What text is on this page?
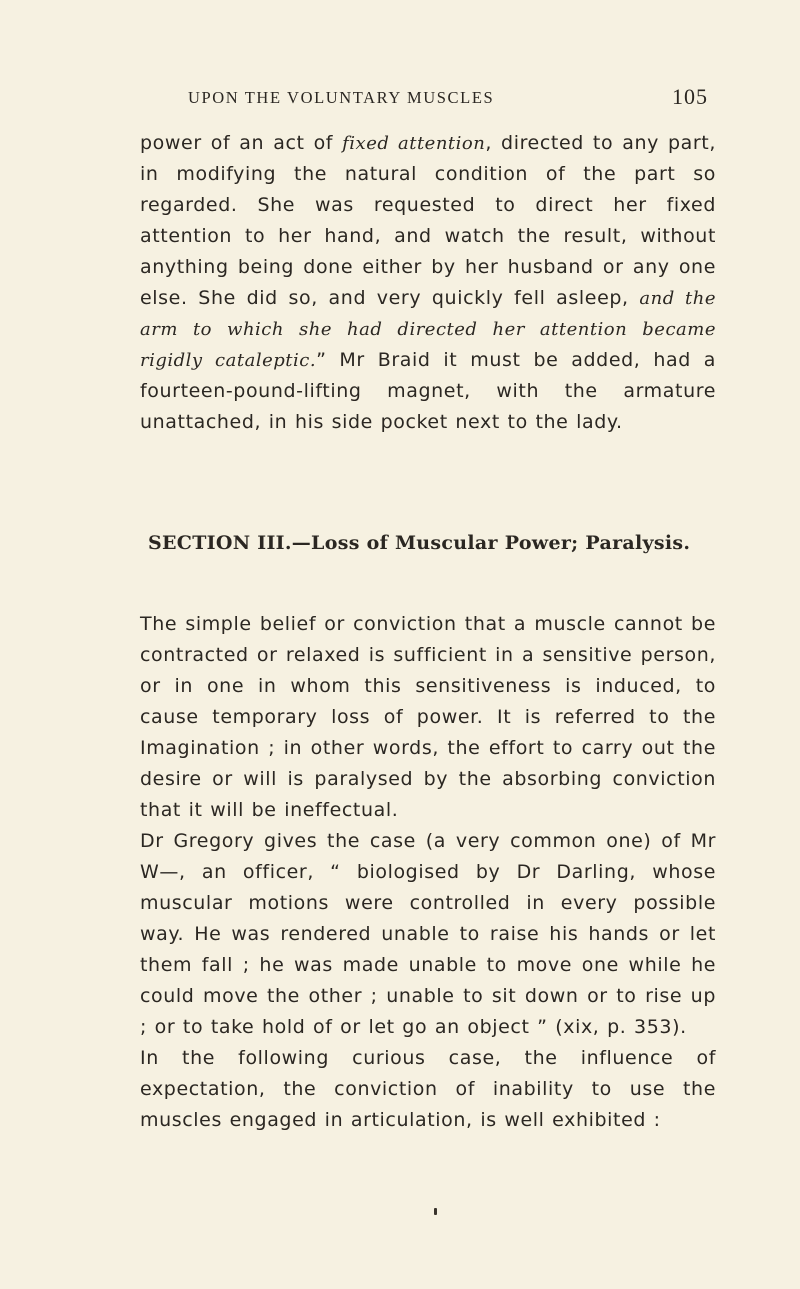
UPON THE VOLUNTARY MUSCLES	105

power of an act of fixed attention, directed to any part, in modifying the natural condition of the part so regarded. She was requested to direct her fixed attention to her hand, and watch the result, without anything being done either by her husband or any one else. She did so, and very quickly fell asleep, and the arm to which she had directed her attention became rigidly cataleptic.” Mr Braid it must be added, had a fourteen-pound-lifting magnet, with the armature unattached, in his side pocket next to the lady.

SECTION III.—Loss of Muscular Power; Paralysis.

The simple belief or conviction that a muscle cannot be contracted or relaxed is sufficient in a sensitive person, or in one in whom this sensitiveness is induced, to cause temporary loss of power. It is referred to the Imagination ; in other words, the effort to carry out the desire or will is paralysed by the absorbing conviction that it will be ineffectual.

Dr Gregory gives the case (a very common one) of Mr W—, an officer, “ biologised by Dr Darling, whose muscular motions were controlled in every possible way. He was rendered unable to raise his hands or let them fall ; he was made unable to move one while he could move the other ; unable to sit down or to rise up ; or to take hold of or let go an object ” (xix, p. 353).

In the following curious case, the influence of expectation, the conviction of inability to use the muscles engaged in articulation, is well exhibited :
